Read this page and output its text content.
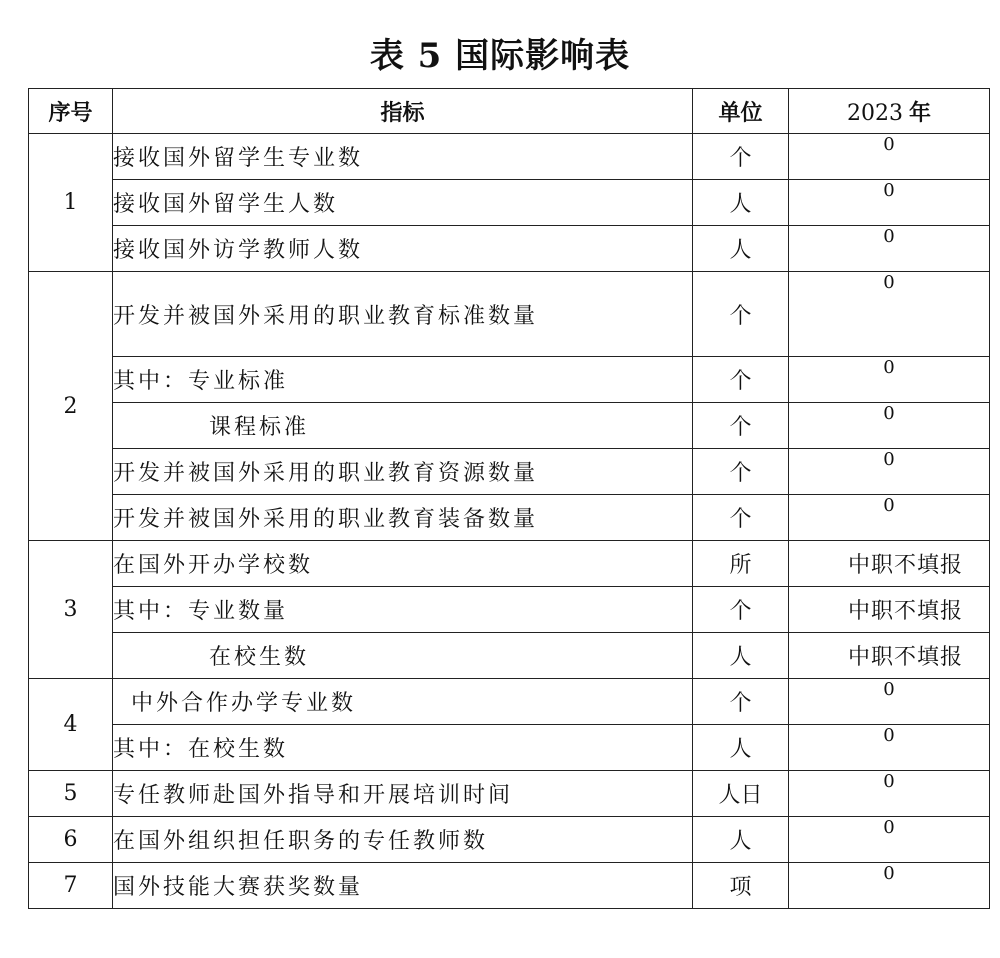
表 5 国际影响表
序号	指标	单位	2023 年
1	接收国外留学生专业数	个	0
	接收国外留学生人数	人	0
	接收国外访学教师人数	人	0
2	开发并被国外采用的职业教育标准数量	个	0
	其中：专业标准	个	0
	课程标准	个	0
	开发并被国外采用的职业教育资源数量	个	0
	开发并被国外采用的职业教育装备数量	个	0
3	在国外开办学校数	所	中职不填报
	其中：专业数量	个	中职不填报
	在校生数	人	中职不填报
4	中外合作办学专业数	个	0
	其中：在校生数	人	0
5	专任教师赴国外指导和开展培训时间	人日	0
6	在国外组织担任职务的专任教师数	人	0
7	国外技能大赛获奖数量	项	0
